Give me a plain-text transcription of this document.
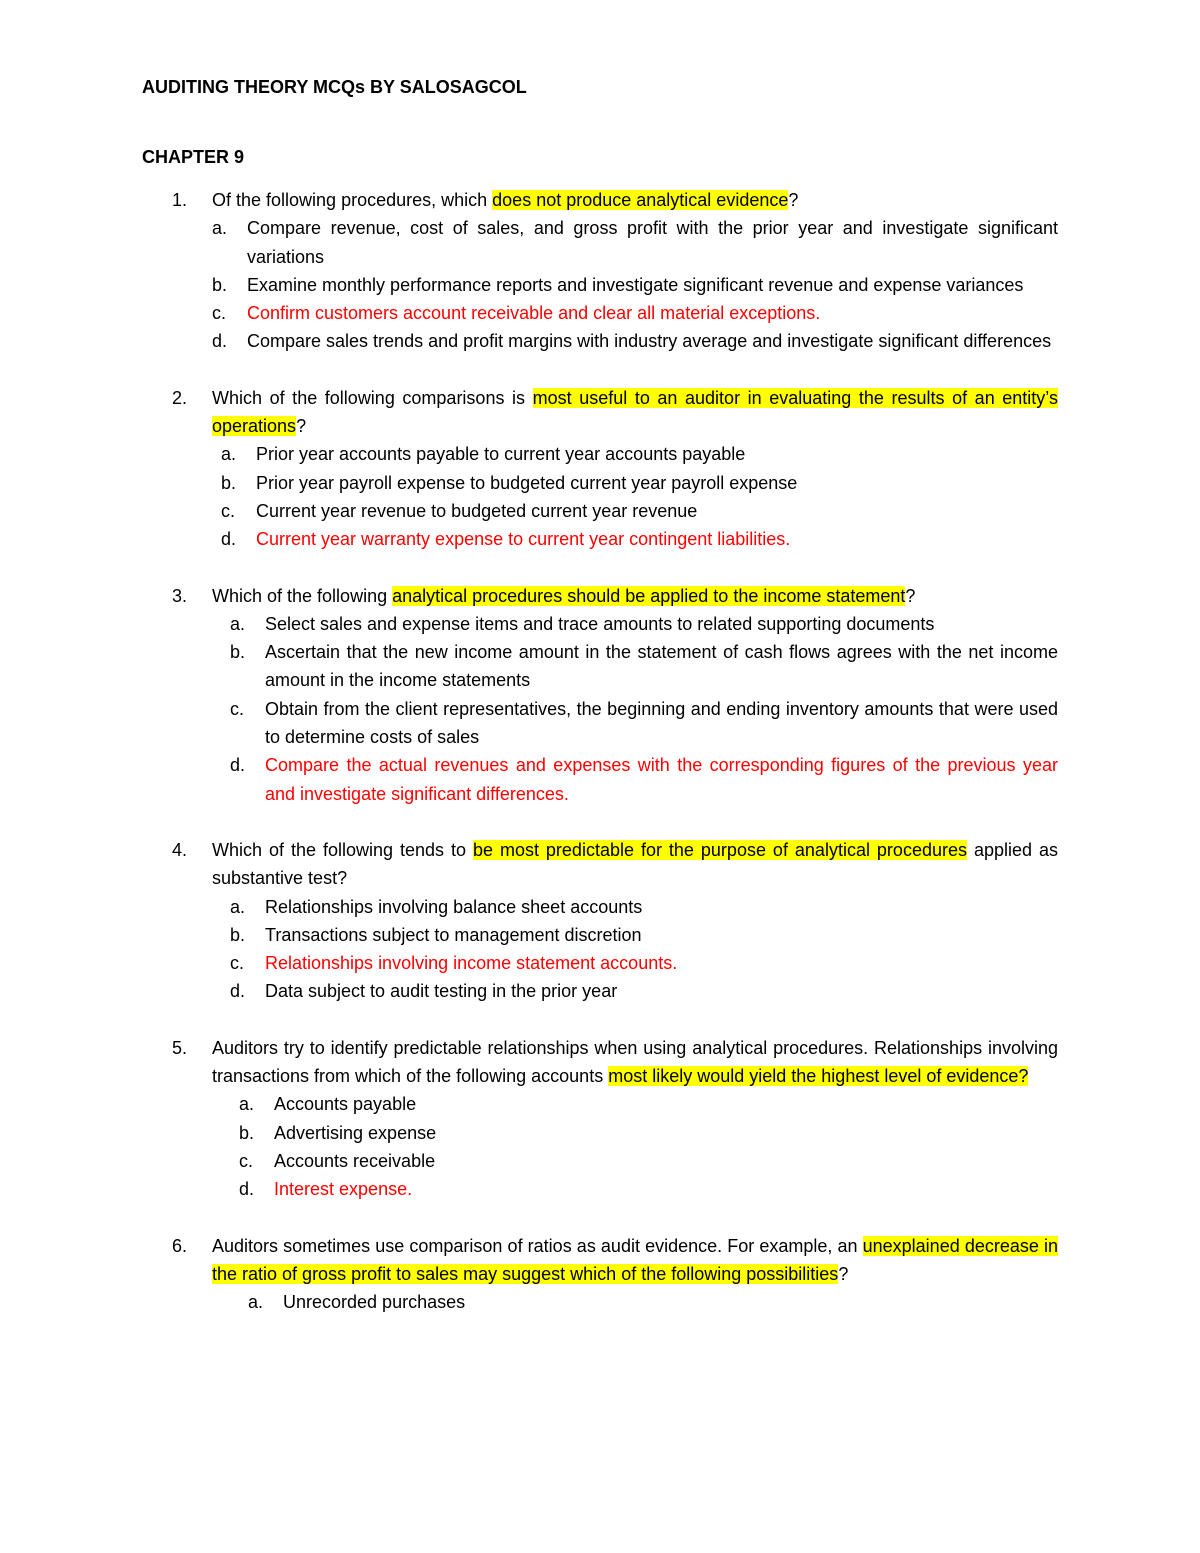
AUDITING THEORY MCQs BY SALOSAGCOL
CHAPTER 9
1.	Of the following procedures, which does not produce analytical evidence?
a. Compare revenue, cost of sales, and gross profit with the prior year and investigate significant variations
b. Examine monthly performance reports and investigate significant revenue and expense variances
c. Confirm customers account receivable and clear all material exceptions.
d. Compare sales trends and profit margins with industry average and investigate significant differences
2.	Which of the following comparisons is most useful to an auditor in evaluating the results of an entity’s operations?
a. Prior year accounts payable to current year accounts payable
b. Prior year payroll expense to budgeted current year payroll expense
c. Current year revenue to budgeted current year revenue
d. Current year warranty expense to current year contingent liabilities.
3.	Which of the following analytical procedures should be applied to the income statement?
a. Select sales and expense items and trace amounts to related supporting documents
b. Ascertain that the new income amount in the statement of cash flows agrees with the net income amount in the income statements
c. Obtain from the client representatives, the beginning and ending inventory amounts that were used to determine costs of sales
d. Compare the actual revenues and expenses with the corresponding figures of the previous year and investigate significant differences.
4.	Which of the following tends to be most predictable for the purpose of analytical procedures applied as substantive test?
a. Relationships involving balance sheet accounts
b. Transactions subject to management discretion
c. Relationships involving income statement accounts.
d. Data subject to audit testing in the prior year
5.	Auditors try to identify predictable relationships when using analytical procedures. Relationships involving transactions from which of the following accounts most likely would yield the highest level of evidence?
a. Accounts payable
b. Advertising expense
c. Accounts receivable
d. Interest expense.
6.	Auditors sometimes use comparison of ratios as audit evidence. For example, an unexplained decrease in the ratio of gross profit to sales may suggest which of the following possibilities?
a. Unrecorded purchases
